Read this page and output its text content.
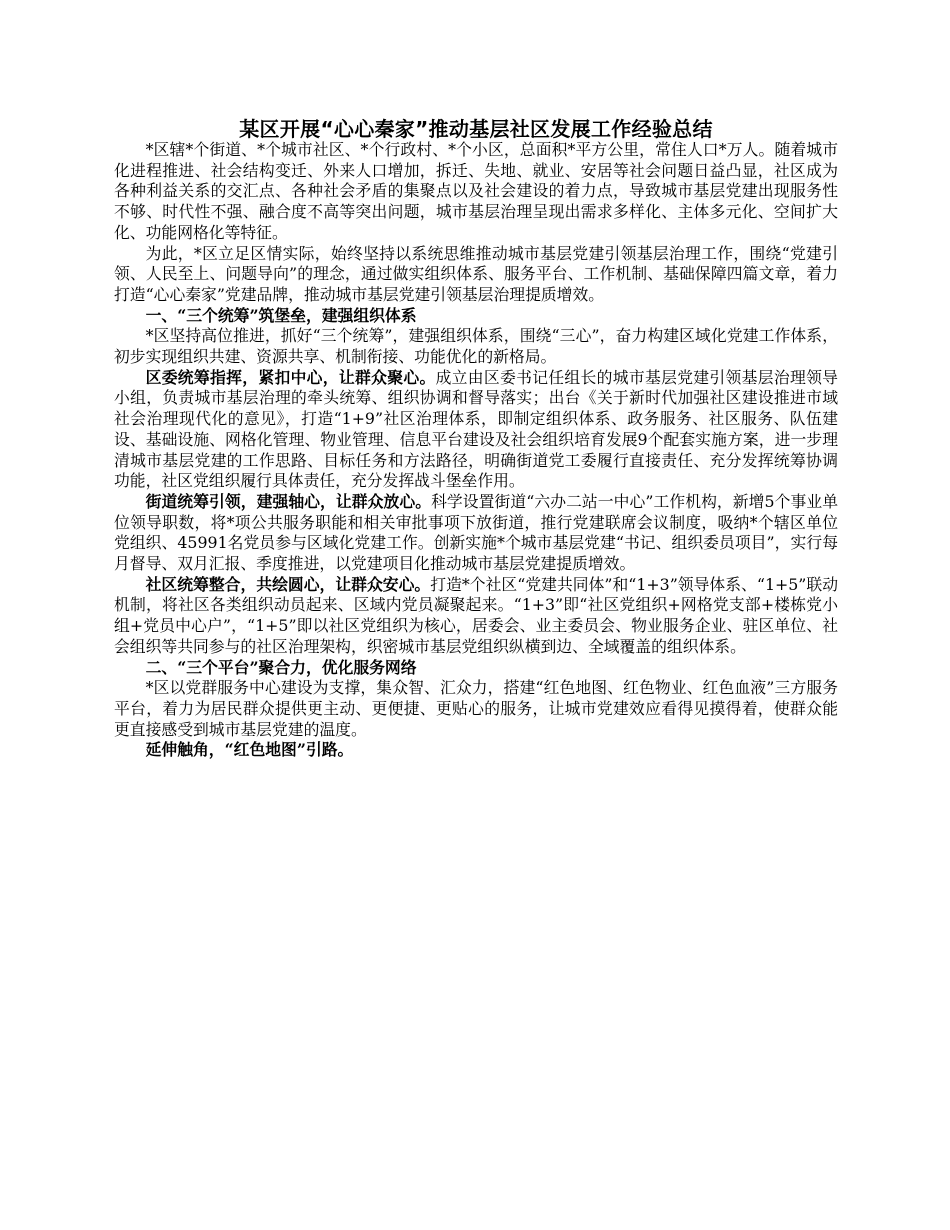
某区开展“心心秦家”推动基层社区发展工作经验总结

*区辖*个街道、*个城市社区、*个行政村、*个小区，总面积*平方公里，常住人口*万人。随着城市化进程推进、社会结构变迁、外来人口增加，拆迁、失地、就业、安居等社会问题日益凸显，社区成为各种利益关系的交汇点、各种社会矛盾的集聚点以及社会建设的着力点，导致城市基层党建出现服务性不够、时代性不强、融合度不高等突出问题，城市基层治理呈现出需求多样化、主体多元化、空间扩大化、功能网格化等特征。

为此，*区立足区情实际，始终坚持以系统思维推动城市基层党建引领基层治理工作，围绕“党建引领、人民至上、问题导向”的理念，通过做实组织体系、服务平台、工作机制、基础保障四篇文章，着力打造“心心秦家”党建品牌，推动城市基层党建引领基层治理提质增效。

一、“三个统筹”筑堡垒，建强组织体系

*区坚持高位推进，抓好“三个统筹”，建强组织体系，围绕“三心”，奋力构建区域化党建工作体系，初步实现组织共建、资源共享、机制衔接、功能优化的新格局。

区委统筹指挥，紧扣中心，让群众聚心。成立由区委书记任组长的城市基层党建引领基层治理领导小组，负责城市基层治理的牵头统筹、组织协调和督导落实；出台《关于新时代加强社区建设推进市域社会治理现代化的意见》，打造“1+9”社区治理体系，即制定组织体系、政务服务、社区服务、队伍建设、基础设施、网格化管理、物业管理、信息平台建设及社会组织培育发展9个配套实施方案，进一步理清城市基层党建的工作思路、目标任务和方法路径，明确街道党工委履行直接责任、充分发挥统筹协调功能，社区党组织履行具体责任，充分发挥战斗堡垒作用。

街道统筹引领，建强轴心，让群众放心。科学设置街道“六办二站一中心”工作机构，新增5个事业单位领导职数，将*项公共服务职能和相关审批事项下放街道，推行党建联席会议制度，吸纳*个辖区单位党组织、45991名党员参与区域化党建工作。创新实施*个城市基层党建“书记、组织委员项目”，实行每月督导、双月汇报、季度推进，以党建项目化推动城市基层党建提质增效。

社区统筹整合，共绘圆心，让群众安心。打造*个社区“党建共同体”和“1+3”领导体系、“1+5”联动机制，将社区各类组织动员起来、区域内党员凝聚起来。“1+3”即“社区党组织+网格党支部+楼栋党小组+党员中心户”，“1+5”即以社区党组织为核心，居委会、业主委员会、物业服务企业、驻区单位、社会组织等共同参与的社区治理架构，织密城市基层党组织纵横到边、全域覆盖的组织体系。

二、“三个平台”聚合力，优化服务网络

*区以党群服务中心建设为支撑，集众智、汇众力，搭建“红色地图、红色物业、红色血液”三方服务平台，着力为居民群众提供更主动、更便捷、更贴心的服务，让城市党建效应看得见摸得着，使群众能更直接感受到城市基层党建的温度。

延伸触角，“红色地图”引路。
